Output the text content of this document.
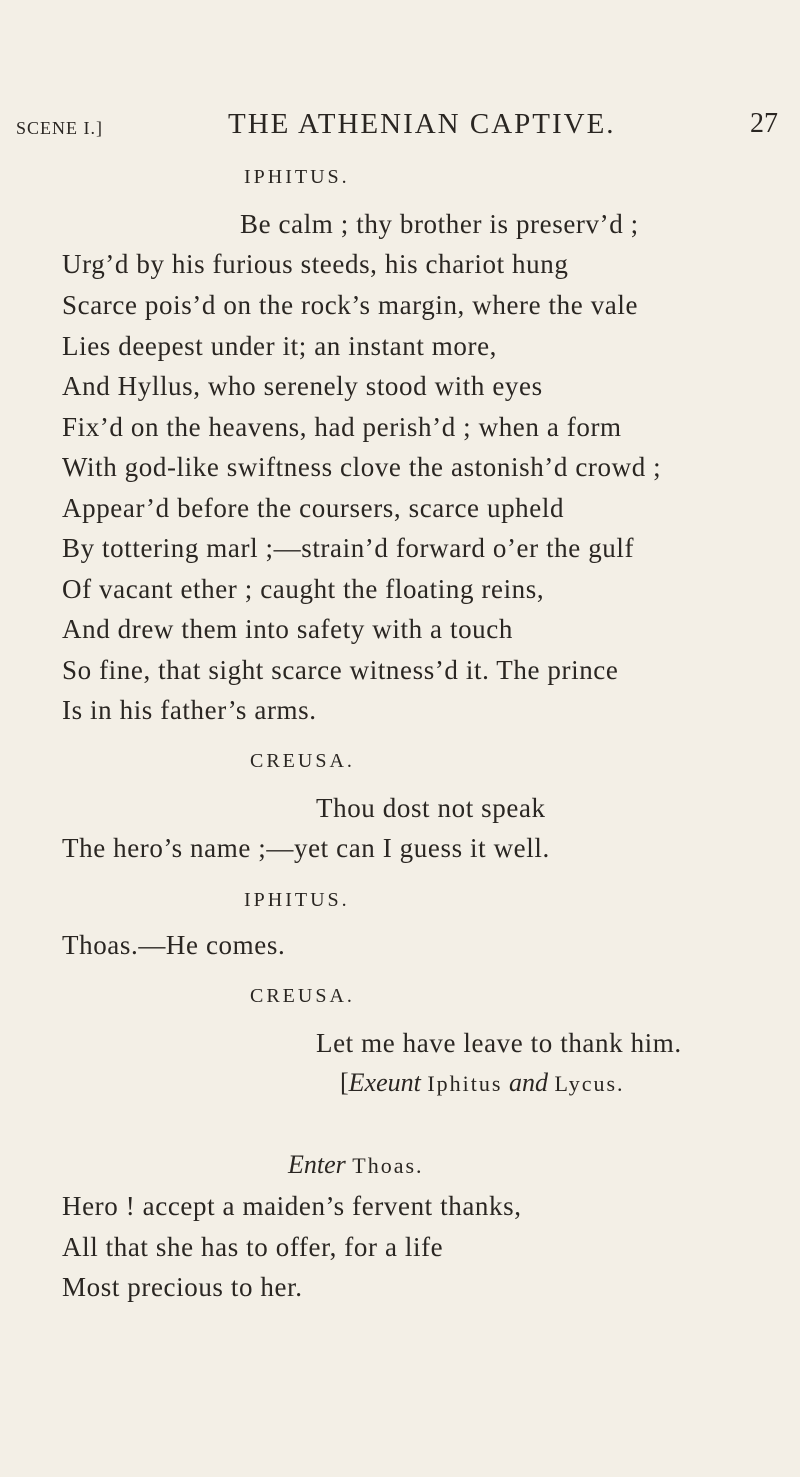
SCENE I.]	THE ATHENIAN CAPTIVE.	27
IPHITUS.
Be calm ; thy brother is preserv’d ;
Urg’d by his furious steeds, his chariot hung
Scarce pois’d on the rock’s margin, where the vale
Lies deepest under it; an instant more,
And Hyllus, who serenely stood with eyes
Fix’d on the heavens, had perish’d ; when a form
With god-like swiftness clove the astonish’d crowd ;
Appear’d before the coursers, scarce upheld
By tottering marl ;—strain’d forward o’er the gulf
Of vacant ether ; caught the floating reins,
And drew them into safety with a touch
So fine, that sight scarce witness’d it. The prince
Is in his father’s arms.
CREUSA.
Thou dost not speak
The hero’s name ;—yet can I guess it well.
IPHITUS.
Thoas.—He comes.
CREUSA.
Let me have leave to thank him.
[Exeunt Iphitus and Lycus.
Enter Thoas.
Hero ! accept a maiden’s fervent thanks,
All that she has to offer, for a life
Most precious to her.
